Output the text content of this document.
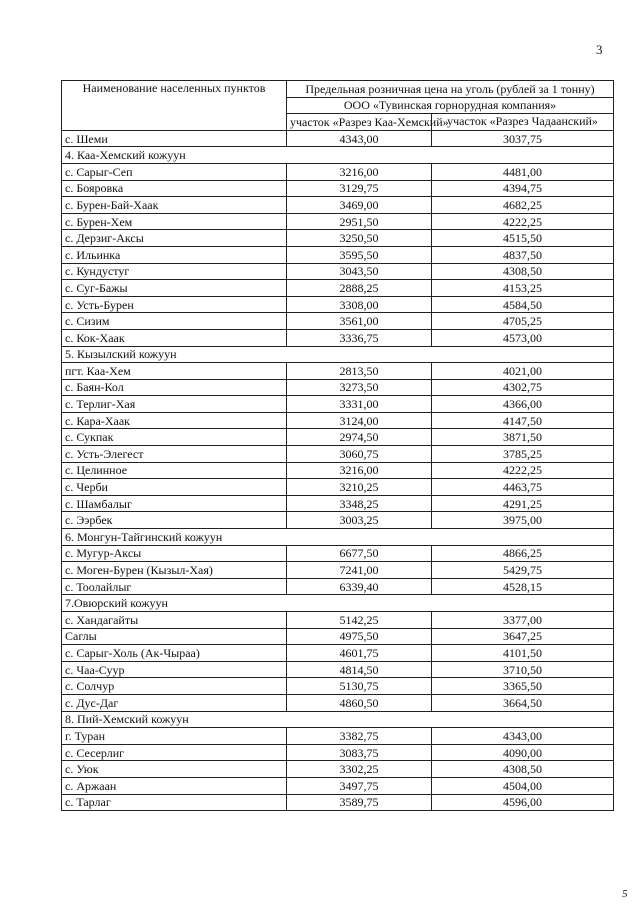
3
Наименование населенных пунктов	Предельная розничная цена на уголь (рублей за 1 тонну)	
	ООО «Тувинская горнорудная компания»	
	участок «Разрез Каа-Хемский»	участок «Разрез Чадаанский»
с. Шеми	4343,00	3037,75
4. Каа-Хемский кожуун		
с. Сарыг-Сеп	3216,00	4481,00
с. Бояровка	3129,75	4394,75
с. Бурен-Бай-Хаак	3469,00	4682,25
с. Бурен-Хем	2951,50	4222,25
с. Дерзиг-Аксы	3250,50	4515,50
с. Ильинка	3595,50	4837,50
с. Кундустуг	3043,50	4308,50
с. Суг-Бажы	2888,25	4153,25
с. Усть-Бурен	3308,00	4584,50
с. Сизим	3561,00	4705,25
с. Кок-Хаак	3336,75	4573,00
5. Кызылский кожуун		
пгт. Каа-Хем	2813,50	4021,00
с. Баян-Кол	3273,50	4302,75
с. Терлиг-Хая	3331,00	4366,00
с. Кара-Хаак	3124,00	4147,50
с. Сукпак	2974,50	3871,50
с. Усть-Элегест	3060,75	3785,25
с. Целинное	3216,00	4222,25
с. Черби	3210,25	4463,75
с. Шамбалыг	3348,25	4291,25
с. Ээрбек	3003,25	3975,00
6. Монгун-Тайгинский кожуун		
с. Мугур-Аксы	6677,50	4866,25
с. Моген-Бурен (Кызыл-Хая)	7241,00	5429,75
с. Тоолайлыг	6339,40	4528,15
7.Овюрский кожуун		
с. Хандагайты	5142,25	3377,00
Саглы	4975,50	3647,25
с. Сарыг-Холь (Ак-Чыраа)	4601,75	4101,50
с. Чаа-Суур	4814,50	3710,50
с. Солчур	5130,75	3365,50
с. Дус-Даг	4860,50	3664,50
8. Пий-Хемский кожуун		
г. Туран	3382,75	4343,00
с. Сесерлиг	3083,75	4090,00
с. Уюк	3302,25	4308,50
с. Аржаан	3497,75	4504,00
с. Тарлаг	3589,75	4596,00
5
